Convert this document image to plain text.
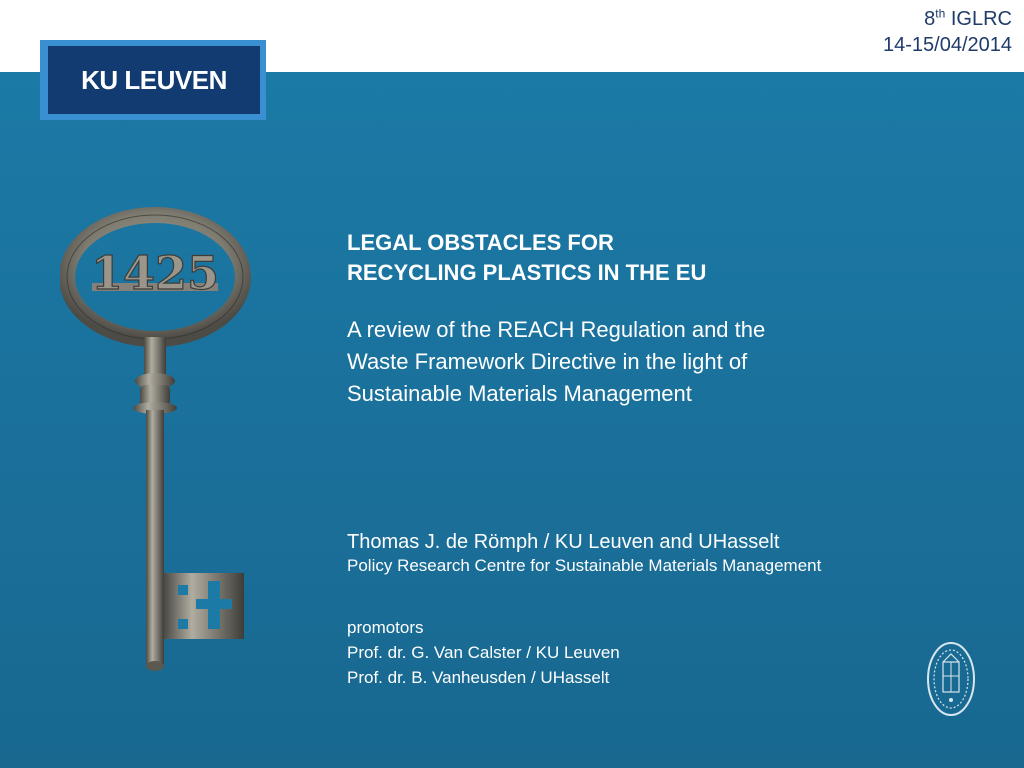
8th IGLRC
14-15/04/2014
KU LEUVEN
1425

LEGAL OBSTACLES FOR
RECYCLING PLASTICS IN THE EU

A review of the REACH Regulation and the
Waste Framework Directive in the light of
Sustainable Materials Management

Thomas J. de Römph / KU Leuven and UHasselt
Policy Research Centre for Sustainable Materials Management
promotors
Prof. dr. G. Van Calster / KU Leuven
Prof. dr. B. Vanheusden / UHasselt
